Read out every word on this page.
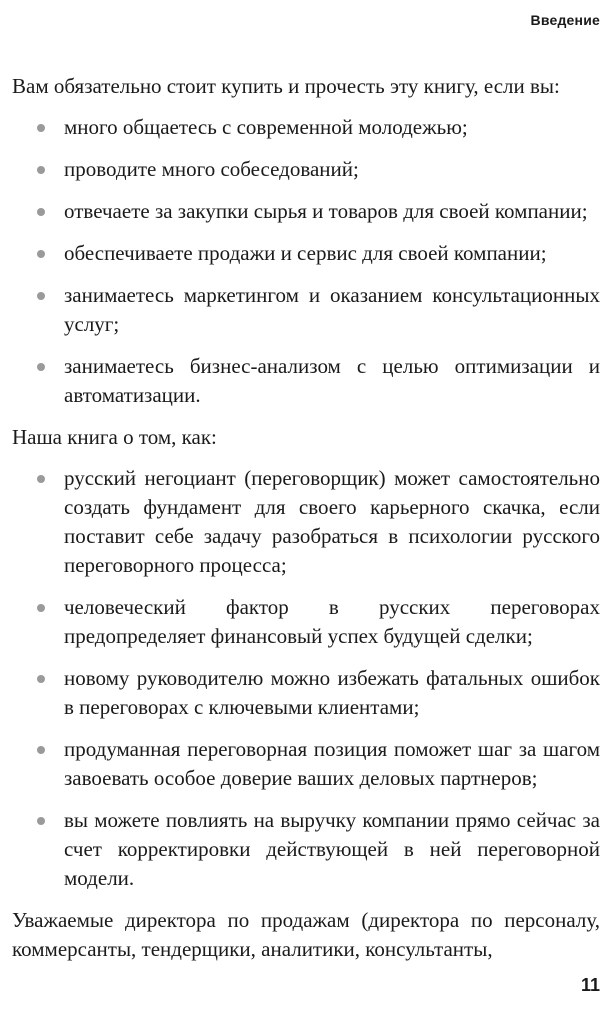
Введение

Вам обязательно стоит купить и прочесть эту книгу, если вы:

много общаетесь с современной молодежью;
проводите много собеседований;
отвечаете за закупки сырья и товаров для своей компании;
обеспечиваете продажи и сервис для своей компании;
занимаетесь маркетингом и оказанием консультационных услуг;
занимаетесь бизнес-анализом с целью оптимизации и автоматизации.

Наша книга о том, как:

русский негоциант (переговорщик) может самостоятельно создать фундамент для своего карьерного скачка, если поставит себе задачу разобраться в психологии русского переговорного процесса;
человеческий фактор в русских переговорах предопределяет финансовый успех будущей сделки;
новому руководителю можно избежать фатальных ошибок в переговорах с ключевыми клиентами;
продуманная переговорная позиция поможет шаг за шагом завоевать особое доверие ваших деловых партнеров;
вы можете повлиять на выручку компании прямо сейчас за счет корректировки действующей в ней переговорной модели.

Уважаемые директора по продажам (директора по персоналу, коммерсанты, тендерщики, аналитики, консультанты,

11
